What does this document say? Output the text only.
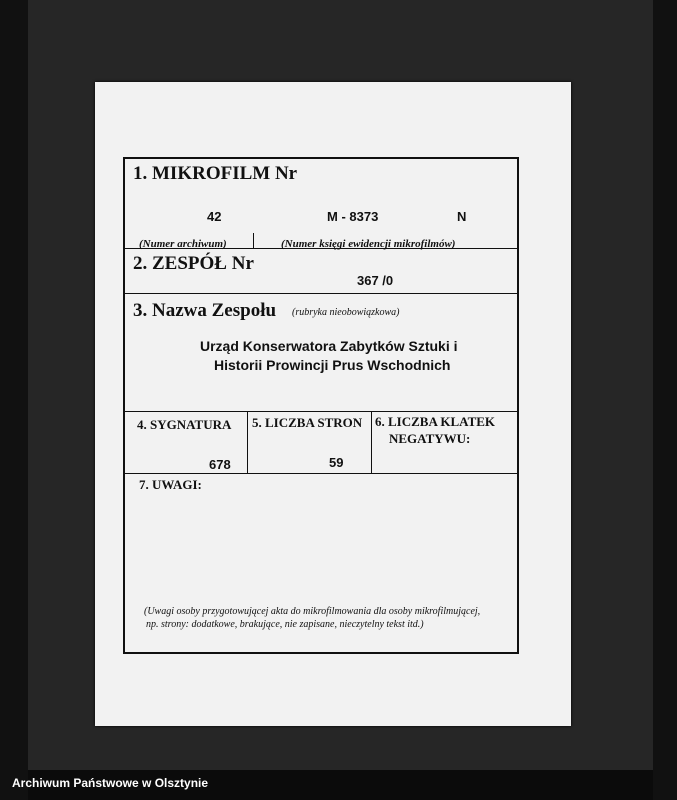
1. MIKROFILM Nr
42	M - 8373	N
(Numer archiwum)	(Numer księgi ewidencji mikrofilmów)
2. ZESPÓŁ Nr
367 /0
3. Nazwa Zespołu (rubryka nieobowiązkowa)
Urząd Konserwatora Zabytków Sztuki i
Historii Prowincji Prus Wschodnich
4. SYGNATURA
678
5. LICZBA STRON
59
6. LICZBA KLATEK
NEGATYWU:
7. UWAGI:
(Uwagi osoby przygotowującej akta do mikrofilmowania dla osoby mikrofilmującej,
np. strony: dodatkowe, brakujące, nie zapisane, nieczytelny tekst itd.)
Archiwum Państwowe w Olsztynie
